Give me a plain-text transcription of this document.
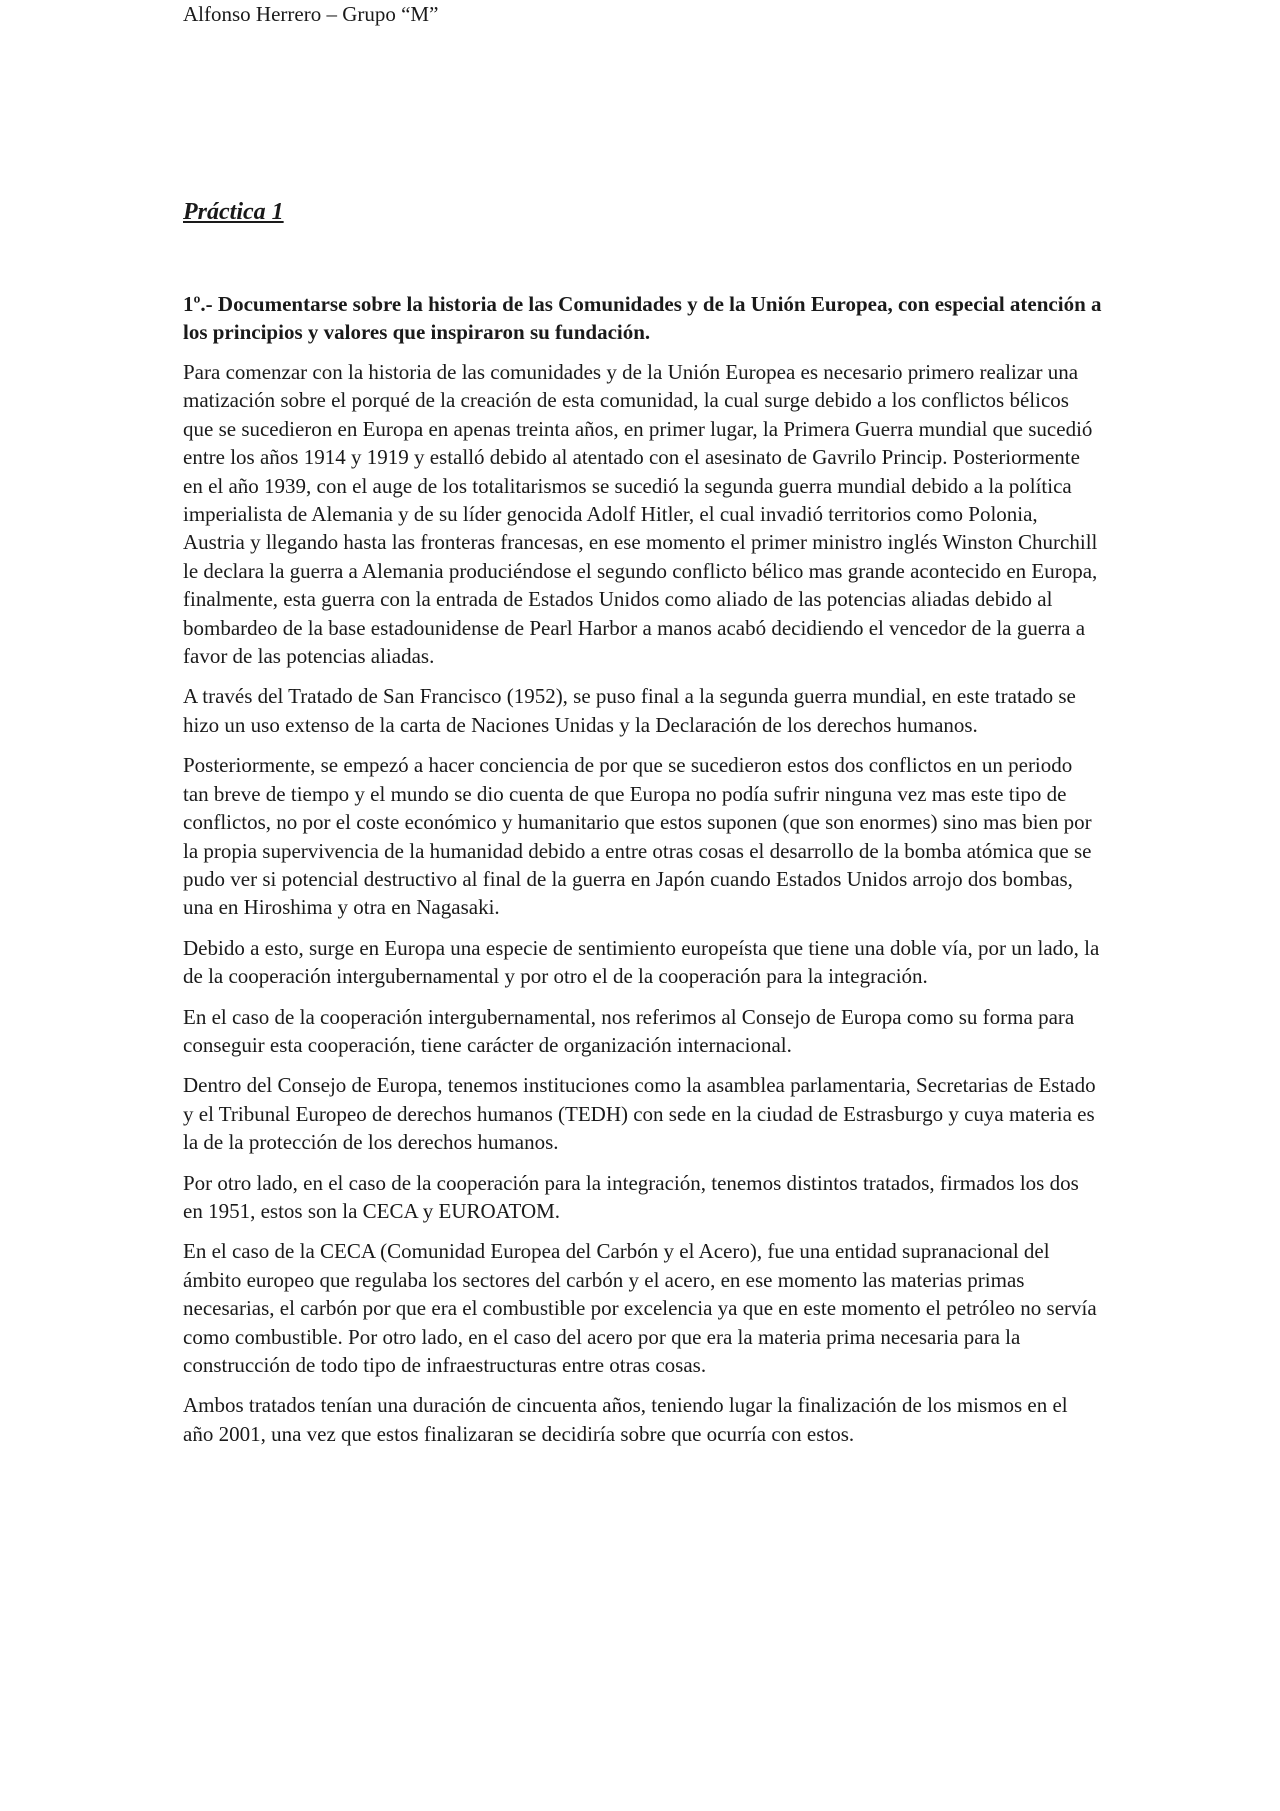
Alfonso Herrero – Grupo “M”
Práctica 1

1º.- Documentarse sobre la historia de las Comunidades y de la Unión Europea, con especial atención a los principios y valores que inspiraron su fundación.

Para comenzar con la historia de las comunidades y de la Unión Europea es necesario primero realizar una matización sobre el porqué de la creación de esta comunidad, la cual surge debido a los conflictos bélicos que se sucedieron en Europa en apenas treinta años, en primer lugar, la Primera Guerra mundial que sucedió entre los años 1914 y 1919 y estalló debido al atentado con el asesinato de Gavrilo Princip. Posteriormente en el año 1939, con el auge de los totalitarismos se sucedió la segunda guerra mundial debido a la política imperialista de Alemania y de su líder genocida Adolf Hitler, el cual invadió territorios como Polonia, Austria y llegando hasta las fronteras francesas, en ese momento el primer ministro inglés Winston Churchill le declara la guerra a Alemania produciéndose el segundo conflicto bélico mas grande acontecido en Europa, finalmente, esta guerra con la entrada de Estados Unidos como aliado de las potencias aliadas debido al bombardeo de la base estadounidense de Pearl Harbor a manos acabó decidiendo el vencedor de la guerra a favor de las potencias aliadas.

A través del Tratado de San Francisco (1952), se puso final a la segunda guerra mundial, en este tratado se hizo un uso extenso de la carta de Naciones Unidas y la Declaración de los derechos humanos.

Posteriormente, se empezó a hacer conciencia de por que se sucedieron estos dos conflictos en un periodo tan breve de tiempo y el mundo se dio cuenta de que Europa no podía sufrir ninguna vez mas este tipo de conflictos, no por el coste económico y humanitario que estos suponen (que son enormes) sino mas bien por la propia supervivencia de la humanidad debido a entre otras cosas el desarrollo de la bomba atómica que se pudo ver si potencial destructivo al final de la guerra en Japón cuando Estados Unidos arrojo dos bombas, una en Hiroshima y otra en Nagasaki.

Debido a esto, surge en Europa una especie de sentimiento europeísta que tiene una doble vía, por un lado, la de la cooperación intergubernamental y por otro el de la cooperación para la integración.

En el caso de la cooperación intergubernamental, nos referimos al Consejo de Europa como su forma para conseguir esta cooperación, tiene carácter de organización internacional.

Dentro del Consejo de Europa, tenemos instituciones como la asamblea parlamentaria, Secretarias de Estado y el Tribunal Europeo de derechos humanos (TEDH) con sede en la ciudad de Estrasburgo y cuya materia es la de la protección de los derechos humanos.

Por otro lado, en el caso de la cooperación para la integración, tenemos distintos tratados, firmados los dos en 1951, estos son la CECA y EUROATOM.

En el caso de la CECA (Comunidad Europea del Carbón y el Acero), fue una entidad supranacional del ámbito europeo que regulaba los sectores del carbón y el acero, en ese momento las materias primas necesarias, el carbón por que era el combustible por excelencia ya que en este momento el petróleo no servía como combustible. Por otro lado, en el caso del acero por que era la materia prima necesaria para la construcción de todo tipo de infraestructuras entre otras cosas.

Ambos tratados tenían una duración de cincuenta años, teniendo lugar la finalización de los mismos en el año 2001, una vez que estos finalizaran se decidiría sobre que ocurría con estos.
